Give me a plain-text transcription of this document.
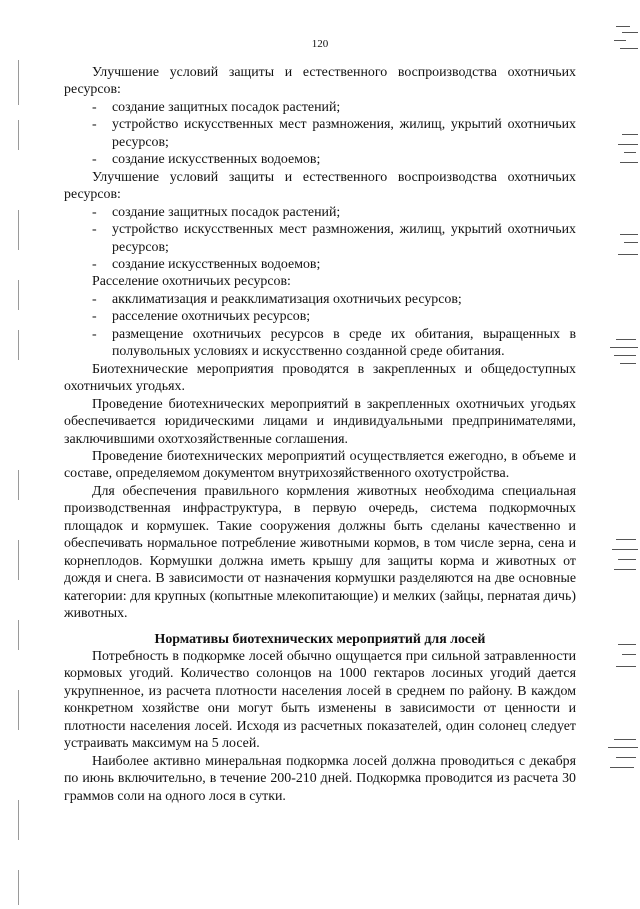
120

Улучшение условий защиты и естественного воспроизводства охотничьих ресурсов:

- создание защитных посадок растений;
- устройство искусственных мест размножения, жилищ, укрытий охотничьих ресурсов;
- создание искусственных водоемов;

Улучшение условий защиты и естественного воспроизводства охотничьих ресурсов:

- создание защитных посадок растений;
- устройство искусственных мест размножения, жилищ, укрытий охотничьих ресурсов;
- создание искусственных водоемов;

Расселение охотничьих ресурсов:

- акклиматизация и реакклиматизация охотничьих ресурсов;
- расселение охотничьих ресурсов;
- размещение охотничьих ресурсов в среде их обитания, выращенных в полувольных условиях и искусственно созданной среде обитания.

Биотехнические мероприятия проводятся в закрепленных и общедоступных охотничьих угодьях.

Проведение биотехнических мероприятий в закрепленных охотничьих угодьях обеспечивается юридическими лицами и индивидуальными предпринимателями, заключившими охотхозяйственные соглашения.

Проведение биотехнических мероприятий осуществляется ежегодно, в объеме и составе, определяемом документом внутрихозяйственного охотустройства.

Для обеспечения правильного кормления животных необходима специальная производственная инфраструктура, в первую очередь, система подкормочных площадок и кормушек. Такие сооружения должны быть сделаны качественно и обеспечивать нормальное потребление животными кормов, в том числе зерна, сена и корнеплодов. Кормушки должна иметь крышу для защиты корма и животных от дождя и снега. В зависимости от назначения кормушки разделяются на две основные категории: для крупных (копытные млекопитающие) и мелких (зайцы, пернатая дичь) животных.

Нормативы биотехнических мероприятий для лосей

Потребность в подкормке лосей обычно ощущается при сильной затравленности кормовых угодий. Количество солонцов на 1000 гектаров лосиных угодий дается укрупненное, из расчета плотности населения лосей в среднем по району. В каждом конкретном хозяйстве они могут быть изменены в зависимости от ценности и плотности населения лосей. Исходя из расчетных показателей, один солонец следует устраивать максимум на 5 лосей.

Наиболее активно минеральная подкормка лосей должна проводиться с декабря по июнь включительно, в течение 200-210 дней. Подкормка проводится из расчета 30 граммов соли на одного лося в сутки.
